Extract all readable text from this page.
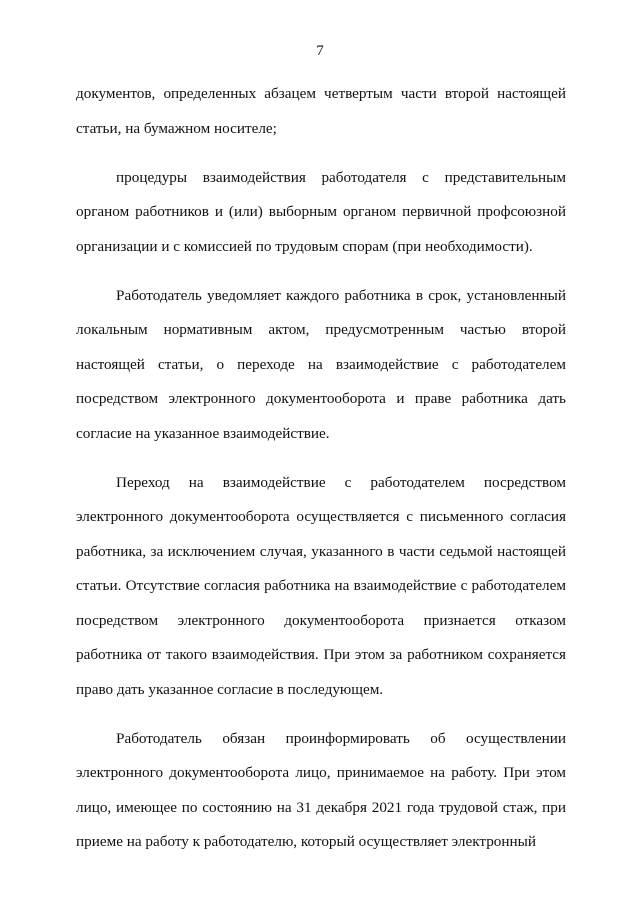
7

документов, определенных абзацем четвертым части второй настоящей статьи, на бумажном носителе;

процедуры взаимодействия работодателя с представительным органом работников и (или) выборным органом первичной профсоюзной организации и с комиссией по трудовым спорам (при необходимости).

Работодатель уведомляет каждого работника в срок, установленный локальным нормативным актом, предусмотренным частью второй настоящей статьи, о переходе на взаимодействие с работодателем посредством электронного документооборота и праве работника дать согласие на указанное взаимодействие.

Переход на взаимодействие с работодателем посредством электронного документооборота осуществляется с письменного согласия работника, за исключением случая, указанного в части седьмой настоящей статьи. Отсутствие согласия работника на взаимодействие с работодателем посредством электронного документооборота признается отказом работника от такого взаимодействия. При этом за работником сохраняется право дать указанное согласие в последующем.

Работодатель обязан проинформировать об осуществлении электронного документооборота лицо, принимаемое на работу. При этом лицо, имеющее по состоянию на 31 декабря 2021 года трудовой стаж, при приеме на работу к работодателю, который осуществляет электронный
